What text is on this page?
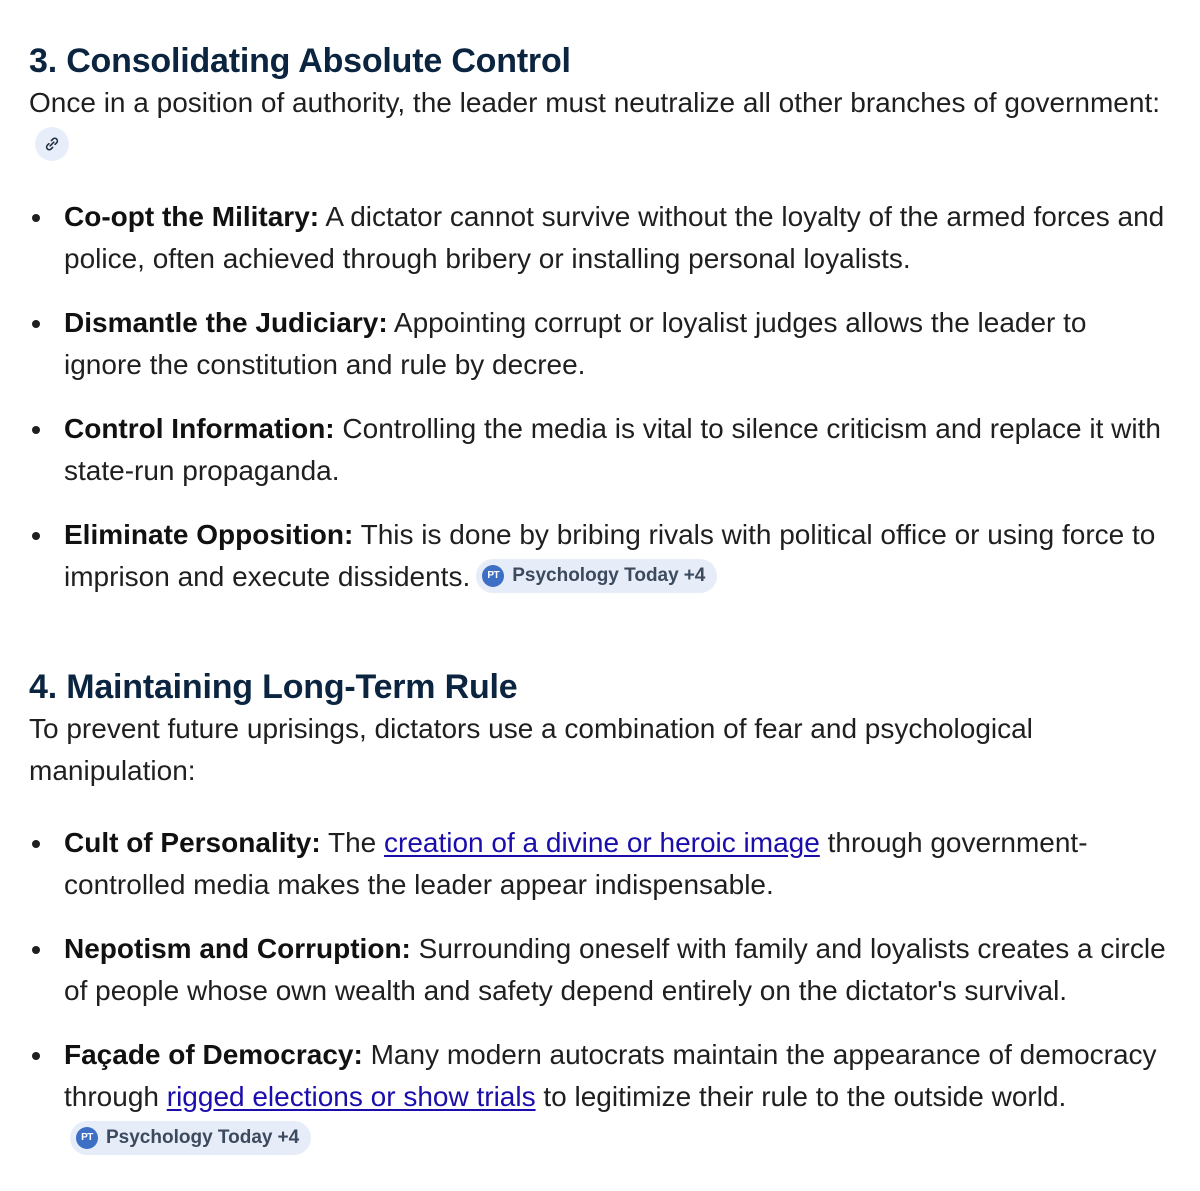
3. Consolidating Absolute Control

Once in a position of authority, the leader must neutralize all other branches of government:

Co-opt the Military: A dictator cannot survive without the loyalty of the armed forces and police, often achieved through bribery or installing personal loyalists.
Dismantle the Judiciary: Appointing corrupt or loyalist judges allows the leader to ignore the constitution and rule by decree.
Control Information: Controlling the media is vital to silence criticism and replace it with state-run propaganda.
Eliminate Opposition: This is done by bribing rivals with political office or using force to imprison and execute dissidents.	PT Psychology Today +4
4. Maintaining Long-Term Rule

To prevent future uprisings, dictators use a combination of fear and psychological manipulation:

Cult of Personality: The creation of a divine or heroic image through government-controlled media makes the leader appear indispensable.
Nepotism and Corruption: Surrounding oneself with family and loyalists creates a circle of people whose own wealth and safety depend entirely on the dictator's survival.
Façade of Democracy: Many modern autocrats maintain the appearance of democracy through rigged elections or show trials to legitimize their rule to the outside world.
PT Psychology Today +4
